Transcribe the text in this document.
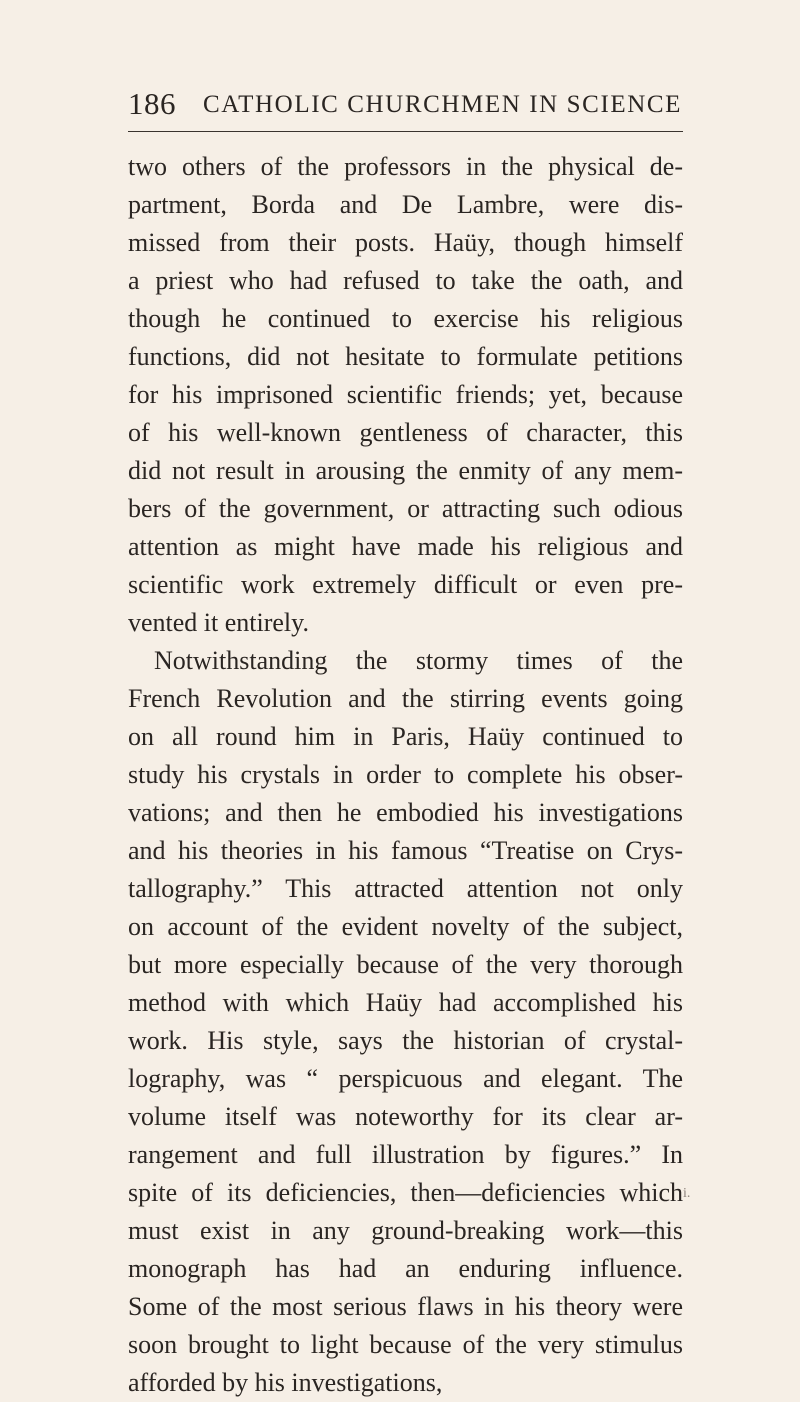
186 CATHOLIC CHURCHMEN IN SCIENCE
two others of the professors in the physical de-
partment, Borda and De Lambre, were dis-
missed from their posts. Haüy, though himself
a priest who had refused to take the oath, and
though he continued to exercise his religious
functions, did not hesitate to formulate petitions
for his imprisoned scientific friends; yet, because
of his well-known gentleness of character, this
did not result in arousing the enmity of any mem-
bers of the government, or attracting such odious
attention as might have made his religious and
scientific work extremely difficult or even pre-
vented it entirely.
Notwithstanding the stormy times of the
French Revolution and the stirring events going
on all round him in Paris, Haüy continued to
study his crystals in order to complete his obser-
vations; and then he embodied his investigations
and his theories in his famous “Treatise on Crys-
tallography.” This attracted attention not only
on account of the evident novelty of the subject,
but more especially because of the very thorough
method with which Haüy had accomplished his
work. His style, says the historian of crystal-
lography, was “ perspicuous and elegant. The
volume itself was noteworthy for its clear ar-
rangement and full illustration by figures.” In
spite of its deficiencies, then—deficiencies which
must exist in any ground-breaking work—this
monograph has had an enduring influence.
Some of the most serious flaws in his theory were
soon brought to light because of the very stimulus
afforded by his investigations,
i.
